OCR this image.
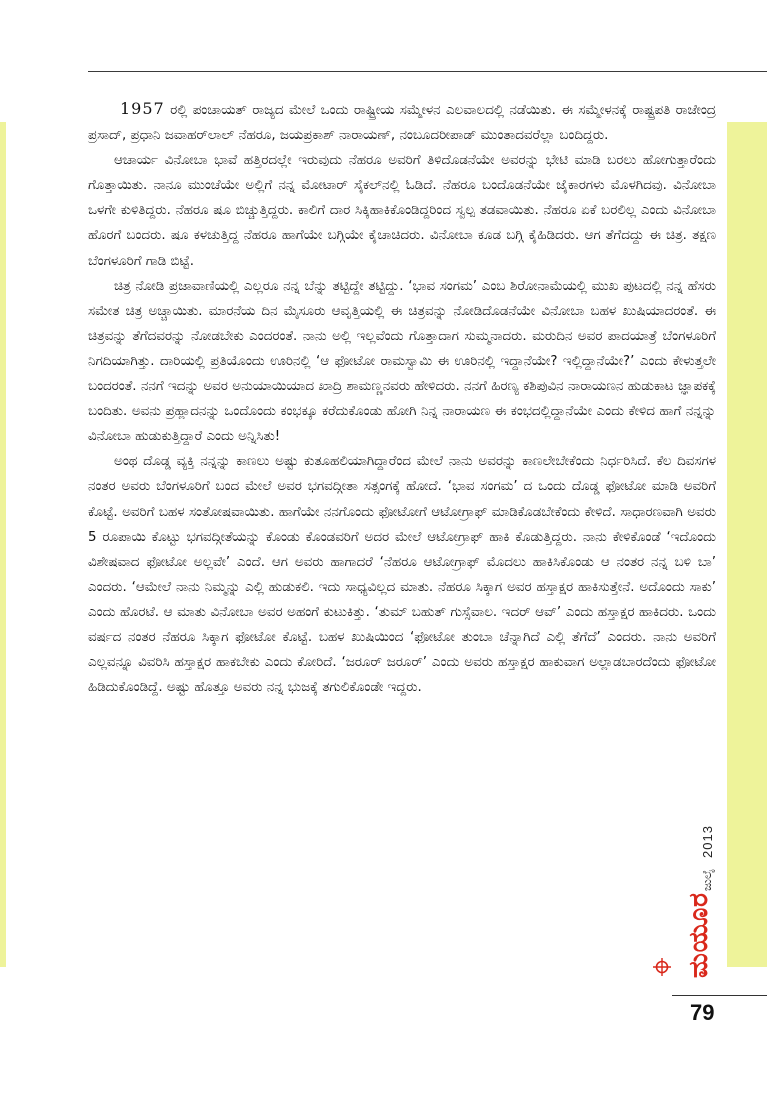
1957 ರಲ್ಲಿ ಪಂಚಾಯತ್ ರಾಜ್ಯದ ಮೇಲೆ ಒಂದು ರಾಷ್ಟ್ರೀಯ ಸಮ್ಮೇಳನ ಎಲವಾಲದಲ್ಲಿ ನಡೆಯಿತು. ಈ ಸಮ್ಮೇಳನಕ್ಕೆ ರಾಷ್ಟ್ರಪತಿ ರಾಜೇಂದ್ರ ಪ್ರಸಾದ್, ಪ್ರಧಾನಿ ಜವಾಹರ್‌ಲಾಲ್ ನೆಹರೂ, ಜಯಪ್ರಕಾಶ್ ನಾರಾಯಣ್, ನಂಬೂದರೀಪಾಡ್ ಮುಂತಾದವರೆಲ್ಲಾ ಬಂದಿದ್ದರು.

ಆಚಾರ್ಯ ವಿನೋಬಾ ಭಾವೆ ಹತ್ತಿರದಲ್ಲೇ ಇರುವುದು ನೆಹರೂ ಅವರಿಗೆ ತಿಳಿದೊಡನೆಯೇ ಅವರನ್ನು ಭೇಟಿ ಮಾಡಿ ಬರಲು ಹೋಗುತ್ತಾರೆಂದು ಗೊತ್ತಾಯಿತು. ನಾನೂ ಮುಂಚೆಯೇ ಅಲ್ಲಿಗೆ ನನ್ನ ಮೋಟಾರ್ ಸೈಕಲ್‌ನಲ್ಲಿ ಓಡಿದೆ. ನೆಹರೂ ಬಂದೊಡನೆಯೇ ಜೈಕಾರಗಳು ಮೊಳಗಿದವು. ವಿನೋಬಾ ಒಳಗೇ ಕುಳಿತಿದ್ದರು. ನೆಹರೂ ಷೂ ಬಿಚ್ಚುತ್ತಿದ್ದರು. ಕಾಲಿಗೆ ದಾರ ಸಿಕ್ಕಿಹಾಕಿಕೊಂಡಿದ್ದರಿಂದ ಸ್ವಲ್ಪ ತಡವಾಯಿತು. ನೆಹರೂ ಏಕೆ ಬರಲಿಲ್ಲ ಎಂದು ವಿನೋಬಾ ಹೊರಗೆ ಬಂದರು. ಷೂ ಕಳಚುತ್ತಿದ್ದ ನೆಹರೂ ಹಾಗೆಯೇ ಬಗ್ಗಿಯೇ ಕೈಚಾಚಿದರು. ವಿನೋಬಾ ಕೂಡ ಬಗ್ಗಿ ಕೈಹಿಡಿದರು. ಆಗ ತೆಗೆದದ್ದು ಈ ಚಿತ್ರ. ತಕ್ಷಣ ಬೆಂಗಳೂರಿಗೆ ಗಾಡಿ ಬಿಟ್ಟೆ.

ಚಿತ್ರ ನೋಡಿ ಪ್ರಜಾವಾಣಿಯಲ್ಲಿ ಎಲ್ಲರೂ ನನ್ನ ಬೆನ್ನು ತಟ್ಟಿದ್ದೇ ತಟ್ಟಿದ್ದು. ‘ಭಾವ ಸಂಗಮ’ ಎಂಬ ಶಿರೋನಾಮೆಯಲ್ಲಿ ಮುಖ ಪುಟದಲ್ಲಿ ನನ್ನ ಹೆಸರು ಸಮೇತ ಚಿತ್ರ ಅಚ್ಚಾಯಿತು. ಮಾರನೆಯ ದಿನ ಮೈಸೂರು ಆವೃತ್ತಿಯಲ್ಲಿ ಈ ಚಿತ್ರವನ್ನು ನೋಡಿದೊಡನೆಯೇ ವಿನೋಬಾ ಬಹಳ ಖುಷಿಯಾದರಂತೆ. ಈ ಚಿತ್ರವನ್ನು ತೆಗೆದವರನ್ನು ನೋಡಬೇಕು ಎಂದರಂತೆ. ನಾನು ಅಲ್ಲಿ ಇಲ್ಲವೆಂದು ಗೊತ್ತಾದಾಗ ಸುಮ್ಮನಾದರು. ಮರುದಿನ ಅವರ ಪಾದಯಾತ್ರೆ ಬೆಂಗಳೂರಿಗೆ ನಿಗದಿಯಾಗಿತ್ತು. ದಾರಿಯಲ್ಲಿ ಪ್ರತಿಯೊಂದು ಊರಿನಲ್ಲಿ ‘ಆ ಫೋಟೋ ರಾಮಸ್ವಾಮಿ ಈ ಊರಿನಲ್ಲಿ ಇದ್ದಾನೆಯೇ? ಇಲ್ಲಿದ್ದಾನೆಯೇ?’ ಎಂದು ಕೇಳುತ್ತಲೇ ಬಂದರಂತೆ. ನನಗೆ ಇದನ್ನು ಅವರ ಅನುಯಾಯಿಯಾದ ಖಾದ್ರಿ ಶಾಮಣ್ಣನವರು ಹೇಳಿದರು. ನನಗೆ ಹಿರಣ್ಯ ಕಶಿಪುವಿನ ನಾರಾಯಣನ ಹುಡುಕಾಟ ಜ್ಞಾಪಕಕ್ಕೆ ಬಂದಿತು. ಅವನು ಪ್ರಹ್ಲಾದನನ್ನು ಒಂದೊಂದು ಕಂಭಕ್ಕೂ ಕರೆದುಕೊಂಡು ಹೋಗಿ ನಿನ್ನ ನಾರಾಯಣ ಈ ಕಂಭದಲ್ಲಿದ್ದಾನೆಯೇ ಎಂದು ಕೇಳಿದ ಹಾಗೆ ನನ್ನನ್ನು ವಿನೋಬಾ ಹುಡುಕುತ್ತಿದ್ದಾರೆ ಎಂದು ಅನ್ನಿಸಿತು!

ಅಂಥ ದೊಡ್ಡ ವ್ಯಕ್ತಿ ನನ್ನನ್ನು ಕಾಣಲು ಅಷ್ಟು ಕುತೂಹಲಿಯಾಗಿದ್ದಾರೆಂದ ಮೇಲೆ ನಾನು ಅವರನ್ನು ಕಾಣಲೇಬೇಕೆಂದು ನಿರ್ಧರಿಸಿದೆ. ಕೆಲ ದಿವಸಗಳ ನಂತರ ಅವರು ಬೆಂಗಳೂರಿಗೆ ಬಂದ ಮೇಲೆ ಅವರ ಭಗವದ್ಗೀತಾ ಸತ್ಸಂಗಕ್ಕೆ ಹೋದೆ. ‘ಭಾವ ಸಂಗಮ’ ದ ಒಂದು ದೊಡ್ಡ ಫೋಟೋ ಮಾಡಿ ಅವರಿಗೆ ಕೊಟ್ಟೆ. ಅವರಿಗೆ ಬಹಳ ಸಂತೋಷವಾಯಿತು. ಹಾಗೆಯೇ ನನಗೊಂದು ಫೋಟೋಗೆ ಆಟೋಗ್ರಾಫ್ ಮಾಡಿಕೊಡಬೇಕೆಂದು ಕೇಳಿದೆ. ಸಾಧಾರಣವಾಗಿ ಅವರು 5 ರೂಪಾಯಿ ಕೊಟ್ಟು ಭಗವದ್ಗೀತೆಯನ್ನು ಕೊಂಡು ಕೊಂಡವರಿಗೆ ಅದರ ಮೇಲೆ ಆಟೋಗ್ರಾಫ್ ಹಾಕಿ ಕೊಡುತ್ತಿದ್ದರು. ನಾನು ಕೇಳಿಕೊಂಡೆ ‘ಇದೊಂದು ವಿಶೇಷವಾದ ಫೋಟೋ ಅಲ್ಲವೇ’ ಎಂದೆ. ಆಗ ಅವರು ಹಾಗಾದರೆ ‘ನೆಹರೂ ಆಟೋಗ್ರಾಫ್ ಮೊದಲು ಹಾಕಿಸಿಕೊಂಡು ಆ ನಂತರ ನನ್ನ ಬಳಿ ಬಾ’ ಎಂದರು. ‘ಆಮೇಲೆ ನಾನು ನಿಮ್ಮನ್ನು ಎಲ್ಲಿ ಹುಡುಕಲಿ. ಇದು ಸಾಧ್ಯವಿಲ್ಲದ ಮಾತು. ನೆಹರೂ ಸಿಕ್ಕಾಗ ಅವರ ಹಸ್ತಾಕ್ಷರ ಹಾಕಿಸುತ್ತೇನೆ. ಅದೊಂದು ಸಾಕು’ ಎಂದು ಹೊರಟೆ. ಆ ಮಾತು ವಿನೋಬಾ ಅವರ ಅಹಂಗೆ ಕುಟುಕಿತ್ತು. ‘ತುಮ್ ಬಹುತ್ ಗುಸ್ಸೆವಾಲ. ಇದರ್ ಆವ್’ ಎಂದು ಹಸ್ತಾಕ್ಷರ ಹಾಕಿದರು. ಒಂದು ವರ್ಷದ ನಂತರ ನೆಹರೂ ಸಿಕ್ಕಾಗ ಫೋಟೋ ಕೊಟ್ಟೆ. ಬಹಳ ಖುಷಿಯಿಂದ ‘ಫೋಟೋ ತುಂಬಾ ಚೆನ್ನಾಗಿದೆ ಎಲ್ಲಿ ತೆಗೆದೆ’ ಎಂದರು. ನಾನು ಅವರಿಗೆ ಎಲ್ಲವನ್ನೂ ವಿವರಿಸಿ ಹಸ್ತಾಕ್ಷರ ಹಾಕಬೇಕು ಎಂದು ಕೋರಿದೆ. ‘ಜರೂರ್ ಜರೂರ್’ ಎಂದು ಅವರು ಹಸ್ತಾಕ್ಷರ ಹಾಕುವಾಗ ಅಲ್ಲಾಡಬಾರದೆಂದು ಫೋಟೋ ಹಿಡಿದುಕೊಂಡಿದ್ದೆ. ಅಷ್ಟು ಹೊತ್ತೂ ಅವರು ನನ್ನ ಭುಜಕ್ಕೆ ತಗುಲಿಕೊಂಡೇ ಇದ್ದರು.

2013
ಜುಲೈ
ಮಯೂರ
79
